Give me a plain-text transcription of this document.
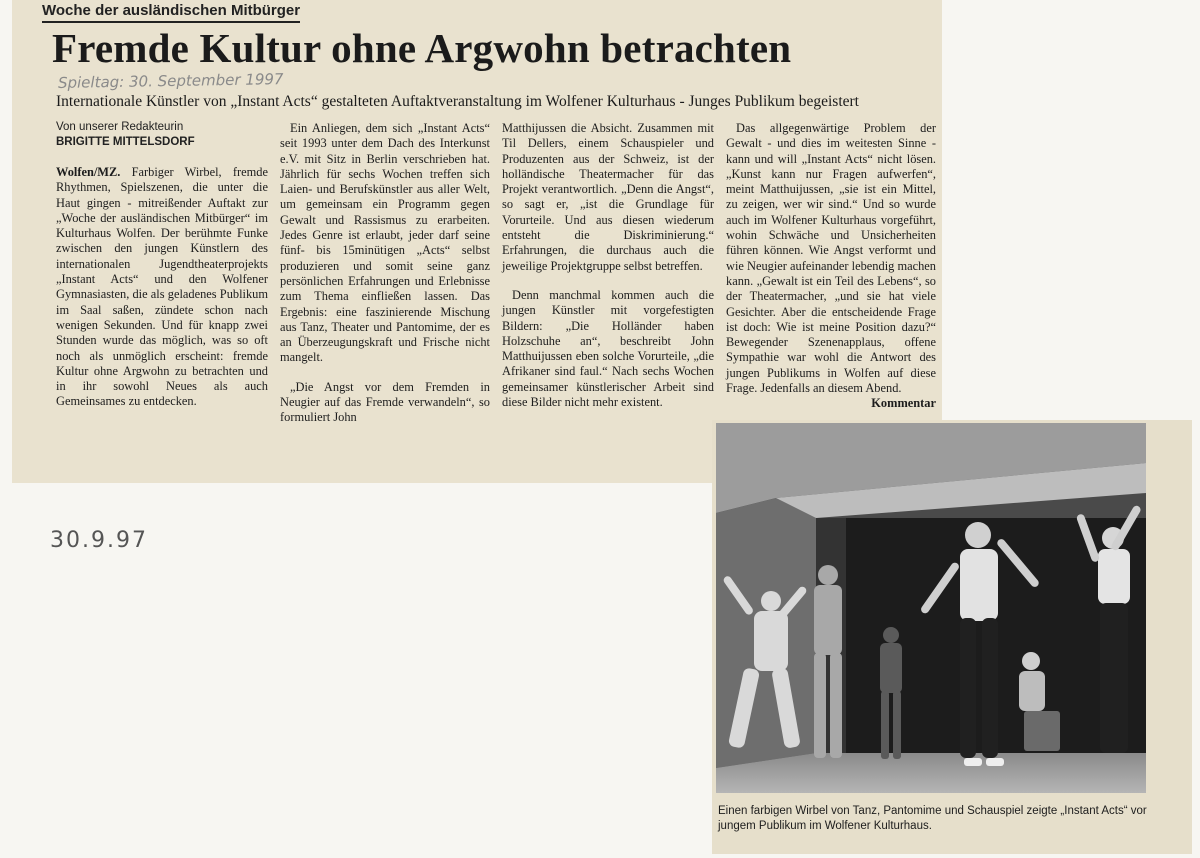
Woche der ausländischen Mitbürger
Fremde Kultur ohne Argwohn betrachten
Spieltag: 30. September 1997
Internationale Künstler von „Instant Acts“ gestalteten Auftaktveranstaltung im Wolfener Kulturhaus - Junges Publikum begeistert
Von unserer Redakteurin
BRIGITTE MITTELSDORF

Wolfen/MZ. Farbiger Wirbel, fremde Rhythmen, Spielszenen, die unter die Haut gingen - mitreißender Auftakt zur „Woche der ausländischen Mitbürger“ im Kulturhaus Wolfen. Der berühmte Funke zwischen den jungen Künstlern des internationalen Jugendtheaterprojekts „Instant Acts“ und den Wolfener Gymnasiasten, die als geladenes Publikum im Saal saßen, zündete schon nach wenigen Sekunden. Und für knapp zwei Stunden wurde das möglich, was so oft noch als unmöglich erscheint: fremde Kultur ohne Argwohn zu betrachten und in ihr sowohl Neues als auch Gemeinsames zu entdecken.

Ein Anliegen, dem sich „Instant Acts“ seit 1993 unter dem Dach des Interkunst e.V. mit Sitz in Berlin verschrieben hat. Jährlich für sechs Wochen treffen sich Laien- und Berufskünstler aus aller Welt, um gemeinsam ein Programm gegen Gewalt und Rassismus zu erarbeiten. Jedes Genre ist erlaubt, jeder darf seine fünf- bis 15minütigen „Acts“ selbst produzieren und somit seine ganz persönlichen Erfahrungen und Erlebnisse zum Thema einfließen lassen. Das Ergebnis: eine faszinierende Mischung aus Tanz, Theater und Pantomime, der es an Überzeugungskraft und Frische nicht mangelt.

„Die Angst vor dem Fremden in Neugier auf das Fremde verwandeln“, so formuliert John

Matthijussen die Absicht. Zusammen mit Til Dellers, einem Schauspieler und Produzenten aus der Schweiz, ist der holländische Theatermacher für das Projekt verantwortlich. „Denn die Angst“, so sagt er, „ist die Grundlage für Vorurteile. Und aus diesen wiederum entsteht die Diskriminierung.“ Erfahrungen, die durchaus auch die jeweilige Projektgruppe selbst betreffen.

Denn manchmal kommen auch die jungen Künstler mit vorgefestigten Bildern: „Die Holländer haben Holzschuhe an“, beschreibt John Matthuijussen eben solche Vorurteile, „die Afrikaner sind faul.“ Nach sechs Wochen gemeinsamer künstlerischer Arbeit sind diese Bilder nicht mehr existent.

Das allgegenwärtige Problem der Gewalt - und dies im weitesten Sinne - kann und will „Instant Acts“ nicht lösen. „Kunst kann nur Fragen aufwerfen“, meint Matthuijussen, „sie ist ein Mittel, zu zeigen, wer wir sind.“ Und so wurde auch im Wolfener Kulturhaus vorgeführt, wohin Schwäche und Unsicherheiten führen können. Wie Angst verformt und wie Neugier aufeinander lebendig machen kann. „Gewalt ist ein Teil des Lebens“, so der Theatermacher, „und sie hat viele Gesichter. Aber die entscheidende Frage ist doch: Wie ist meine Position dazu?“ Bewegender Szenenapplaus, offene Sympathie war wohl die Antwort des jungen Publikums in Wolfen auf diese Frage. Jedenfalls an diesem Abend.
Kommentar

30.9.97
Einen farbigen Wirbel von Tanz, Pantomime und Schauspiel zeigte „Instant Acts“ vor jungem Publikum im Wolfener Kulturhaus.
